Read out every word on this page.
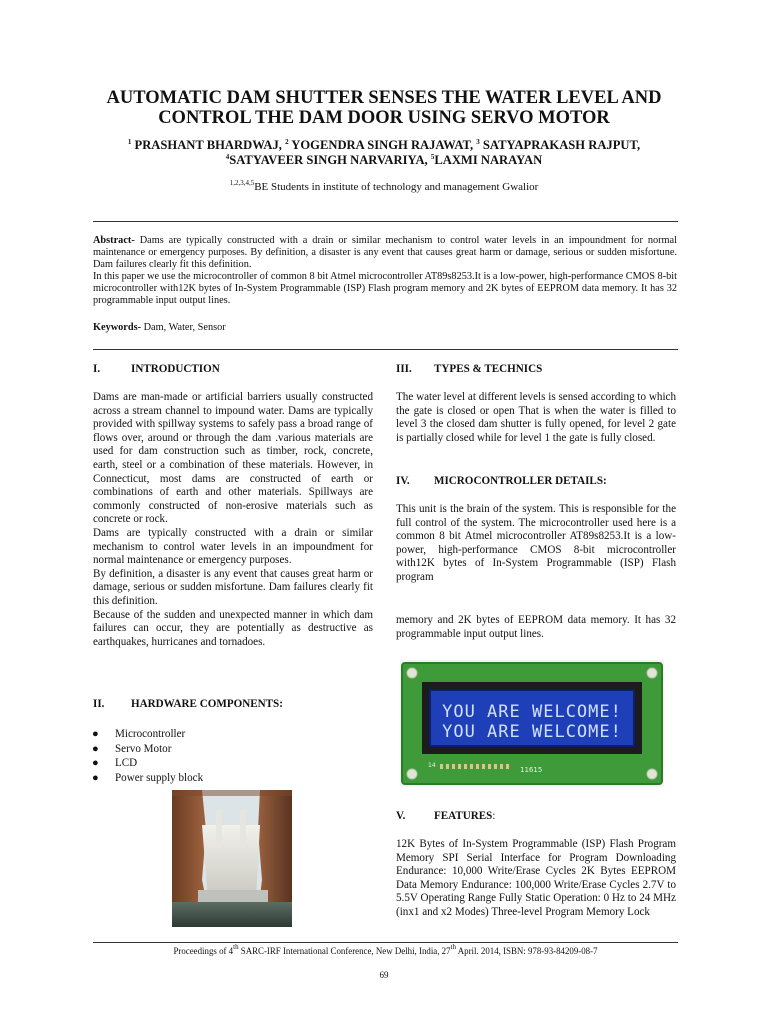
AUTOMATIC DAM SHUTTER SENSES THE WATER LEVEL AND
CONTROL THE DAM DOOR USING SERVO MOTOR
$^1$ PRASHANT BHARDWAJ, $^2$ YOGENDRA SINGH RAJAWAT, $^3$ SATYAPRAKASH RAJPUT,
$^4$SATYAVEER SINGH NARVARIYA, $^5$LAXMI NARAYAN
$^{1,2,3,4,5}$BE Students in institute of technology and management Gwalior

Abstract- Dams are typically constructed with a drain or similar mechanism to control water levels in an impoundment for normal maintenance or emergency purposes. By definition, a disaster is any event that causes great harm or damage, serious or sudden misfortune. Dam failures clearly fit this definition.

In this paper we use the microcontroller of common 8 bit Atmel microcontroller AT89s8253.It is a low-power, high-performance CMOS 8-bit microcontroller with12K bytes of In-System Programmable (ISP) Flash program memory and 2K bytes of EEPROM data memory. It has 32 programmable input output lines.

Keywords- Dam, Water, Sensor
I.	INTRODUCTION

Dams are man-made or artificial barriers usually constructed across a stream channel to impound water. Dams are typically provided with spillway systems to safely pass a broad range of flows over, around or through the dam .various materials are used for dam construction such as timber, rock, concrete, earth, steel or a combination of these materials. However, in Connecticut, most dams are constructed of earth or combinations of earth and other materials. Spillways are commonly constructed of non-erosive materials such as concrete or rock.

Dams are typically constructed with a drain or similar mechanism to control water levels in an impoundment for normal maintenance or emergency purposes.

By definition, a disaster is any event that causes great harm or damage, serious or sudden misfortune. Dam failures clearly fit this definition.

Because of the sudden and unexpected manner in which dam failures can occur, they are potentially as destructive as earthquakes, hurricanes and tornadoes.

II.	HARDWARE COMPONENTS:
●	Microcontroller
●	Servo Motor
●	LCD
●	Power supply block
III.	TYPES & TECHNICS

The water level at different levels is sensed according to which the gate is closed or open That is when the water is filled to level 3 the closed dam shutter is fully opened, for level 2 gate is partially closed while for level 1 the gate is fully closed.

IV.	MICROCONTROLLER DETAILS:

This unit is the brain of the system. This is responsible for the full control of the system. The microcontroller used here is a common 8 bit Atmel microcontroller AT89s8253.It is a low-power, high-performance CMOS 8-bit microcontroller with12K bytes of In-System Programmable (ISP) Flash program

memory and 2K bytes of EEPROM data memory. It has 32 programmable input output lines.

YOU ARE WELCOME!
YOU ARE WELCOME!
14
11615
V.	FEATURES:

12K Bytes of In-System Programmable (ISP) Flash Program Memory SPI Serial Interface for Program Downloading Endurance: 10,000 Write/Erase Cycles 2K Bytes EEPROM Data Memory Endurance: 100,000 Write/Erase Cycles 2.7V to 5.5V Operating Range Fully Static Operation: 0 Hz to 24 MHz (inx1 and x2 Modes) Three-level Program Memory Lock

Proceedings of 4th SARC-IRF International Conference, New Delhi, India, 27th April. 2014, ISBN: 978-93-84209-08-7
69
